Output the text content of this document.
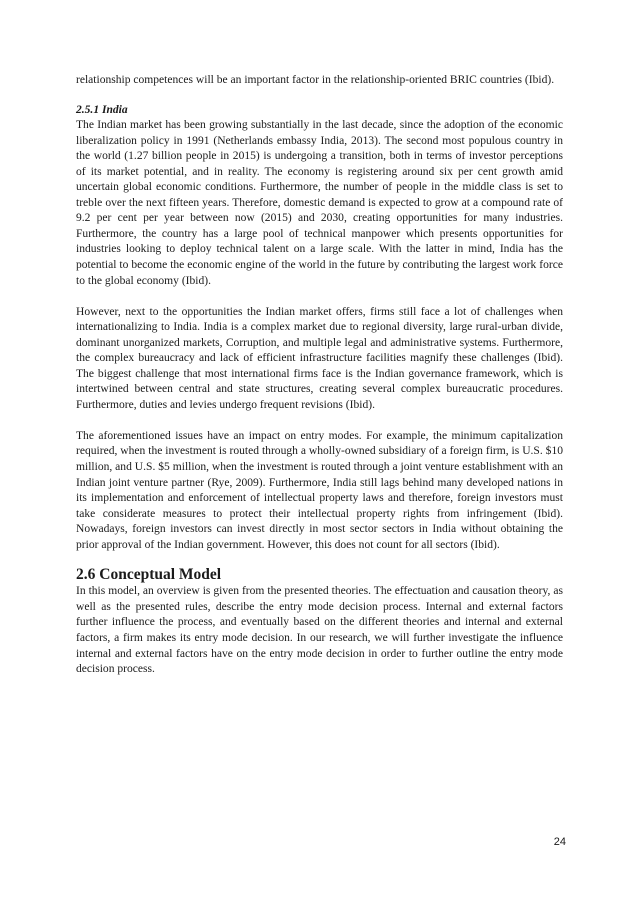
relationship competences will be an important factor in the relationship-oriented BRIC countries (Ibid).

2.5.1 India

The Indian market has been growing substantially in the last decade, since the adoption of the economic liberalization policy in 1991 (Netherlands embassy India, 2013). The second most populous country in the world (1.27 billion people in 2015) is undergoing a transition, both in terms of investor perceptions of its market potential, and in reality. The economy is registering around six per cent growth amid uncertain global economic conditions. Furthermore, the number of people in the middle class is set to treble over the next fifteen years. Therefore, domestic demand is expected to grow at a compound rate of 9.2 per cent per year between now (2015) and 2030, creating opportunities for many industries. Furthermore, the country has a large pool of technical manpower which presents opportunities for industries looking to deploy technical talent on a large scale. With the latter in mind, India has the potential to become the economic engine of the world in the future by contributing the largest work force to the global economy (Ibid).

However, next to the opportunities the Indian market offers, firms still face a lot of challenges when internationalizing to India. India is a complex market due to regional diversity, large rural-urban divide, dominant unorganized markets, Corruption, and multiple legal and administrative systems. Furthermore, the complex bureaucracy and lack of efficient infrastructure facilities magnify these challenges (Ibid). The biggest challenge that most international firms face is the Indian governance framework, which is intertwined between central and state structures, creating several complex bureaucratic procedures. Furthermore, duties and levies undergo frequent revisions (Ibid).

The aforementioned issues have an impact on entry modes. For example, the minimum capitalization required, when the investment is routed through a wholly-owned subsidiary of a foreign firm, is U.S. $10 million, and U.S. $5 million, when the investment is routed through a joint venture establishment with an Indian joint venture partner (Rye, 2009). Furthermore, India still lags behind many developed nations in its implementation and enforcement of intellectual property laws and therefore, foreign investors must take considerate measures to protect their intellectual property rights from infringement (Ibid). Nowadays, foreign investors can invest directly in most sector sectors in India without obtaining the prior approval of the Indian government. However, this does not count for all sectors (Ibid).

2.6 Conceptual Model

In this model, an overview is given from the presented theories. The effectuation and causation theory, as well as the presented rules, describe the entry mode decision process. Internal and external factors further influence the process, and eventually based on the different theories and internal and external factors, a firm makes its entry mode decision. In our research, we will further investigate the influence internal and external factors have on the entry mode decision in order to further outline the entry mode decision process.

24
